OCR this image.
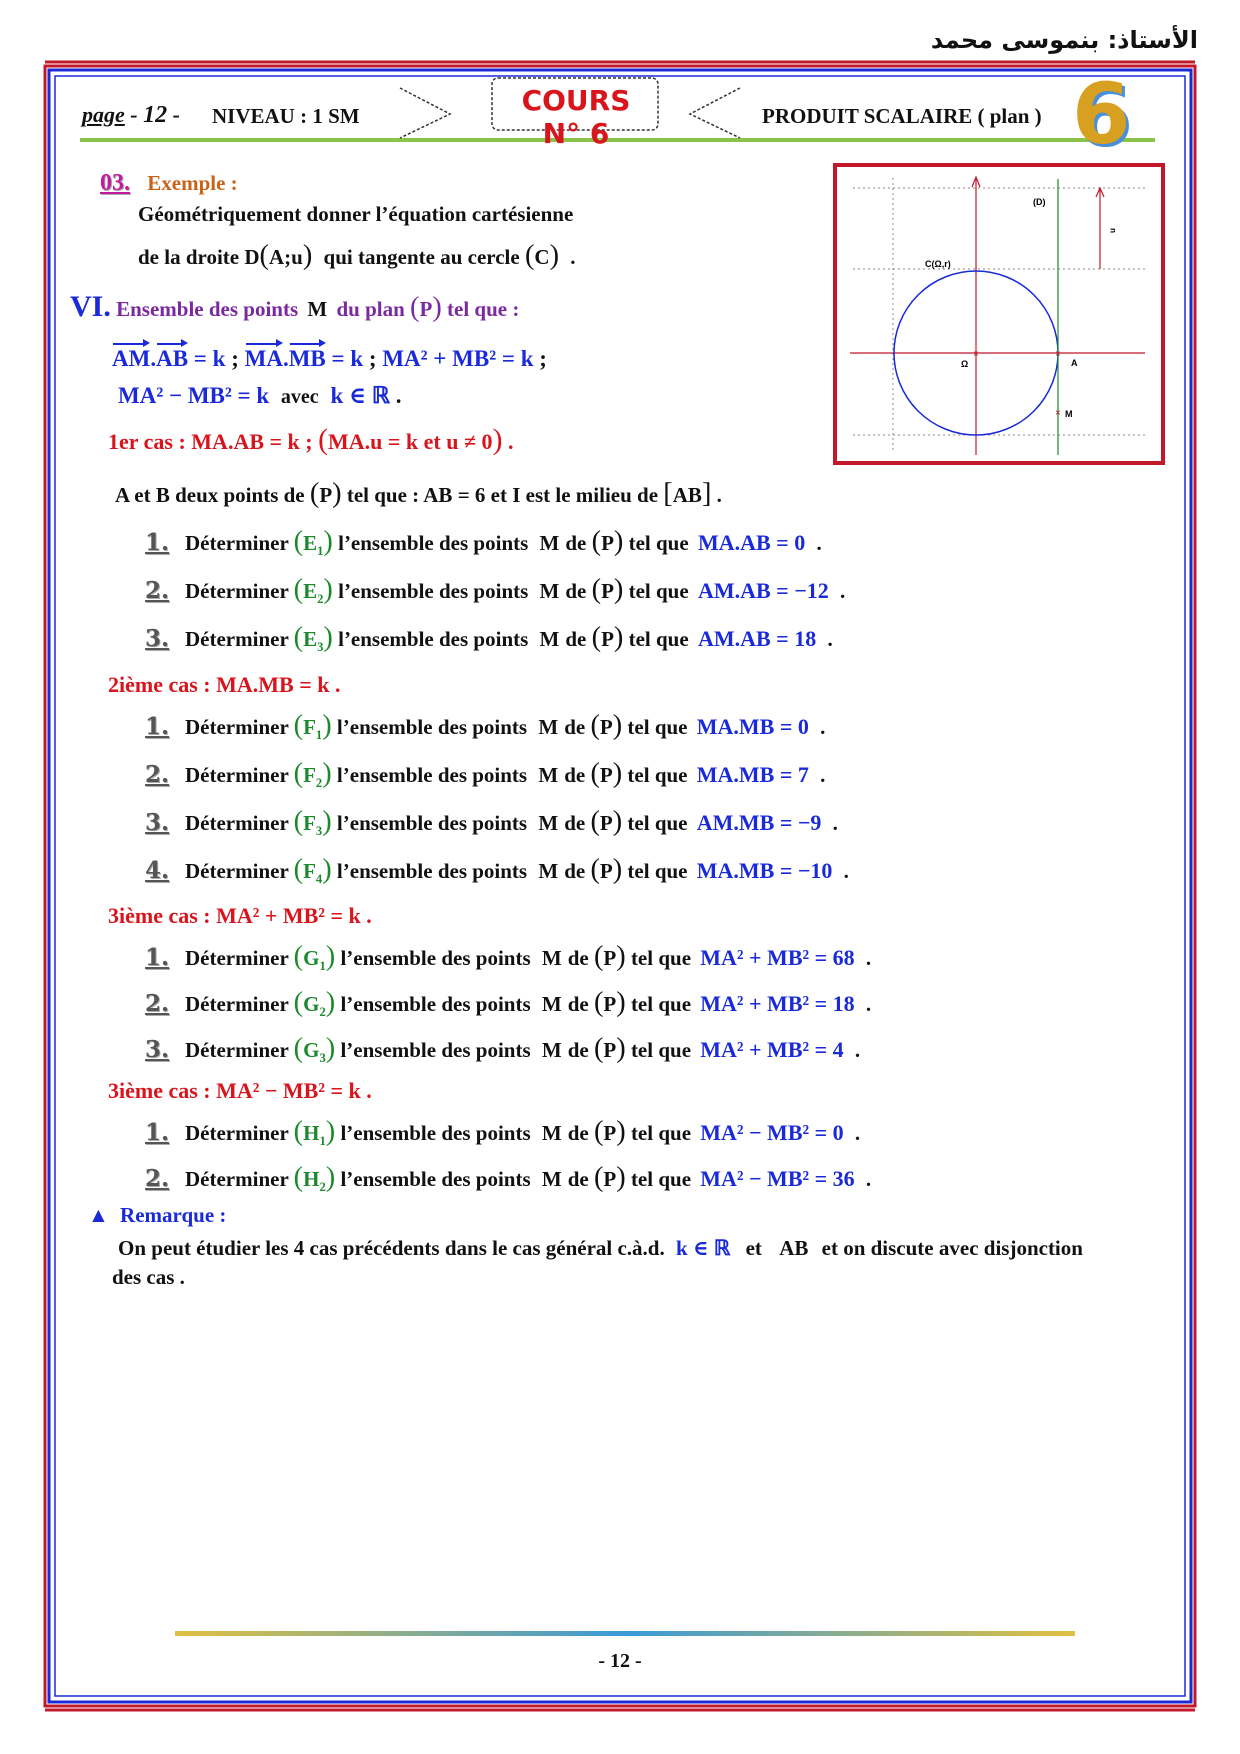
الأستاذ: بنموسى محمد
page - 12 - NIVEAU : 1 SM	COURS N° 6
PRODUIT SCALAIRE ( plan ) 6
03. Exemple :
Géométriquement donner l’équation cartésienne
de la droite D(A;u) qui tangente au cercle (C) .
×	×
×
(D)
u
C(Ω,r)
Ω	A
M
VI. Ensemble des points M du plan (P) tel que :
AM.AB = k ; MA.MB = k ; MA² + MB² = k ;
MA² − MB² = k avec k ∈ ℝ .
1er cas : MA.AB = k ; (MA.u = k et u ≠ 0) .
A et B deux points de (P) tel que : AB = 6 et I est le milieu de [AB] .
1. Déterminer $(E_1)$ l’ensemble des points M de (P) tel que MA.AB = 0 .
2. Déterminer $(E_2)$ l’ensemble des points M de (P) tel que AM.AB = −12 .
3. Déterminer $(E_3)$ l’ensemble des points M de (P) tel que AM.AB = 18 .
2ième cas : MA.MB = k .
1. Déterminer $(F_1)$ l’ensemble des points M de (P) tel que MA.MB = 0 .
2. Déterminer $(F_2)$ l’ensemble des points M de (P) tel que MA.MB = 7 .
3. Déterminer $(F_3)$ l’ensemble des points M de (P) tel que AM.MB = −9 .
4. Déterminer $(F_4)$ l’ensemble des points M de (P) tel que MA.MB = −10 .
3ième cas : MA² + MB² = k .
1. Déterminer $(G_1)$ l’ensemble des points M de (P) tel que MA² + MB² = 68 .
2. Déterminer $(G_2)$ l’ensemble des points M de (P) tel que MA² + MB² = 18 .
3. Déterminer $(G_3)$ l’ensemble des points M de (P) tel que MA² + MB² = 4 .
3ième cas : MA² − MB² = k .
1. Déterminer $(H_1)$ l’ensemble des points M de (P) tel que MA² − MB² = 0 .
2. Déterminer $(H_2)$ l’ensemble des points M de (P) tel que MA² − MB² = 36 .
▲ Remarque :
On peut étudier les 4 cas précédents dans le cas général c.à.d. k ∈ ℝ et AB et on discute avec disjonction
des cas .
- 12 -
